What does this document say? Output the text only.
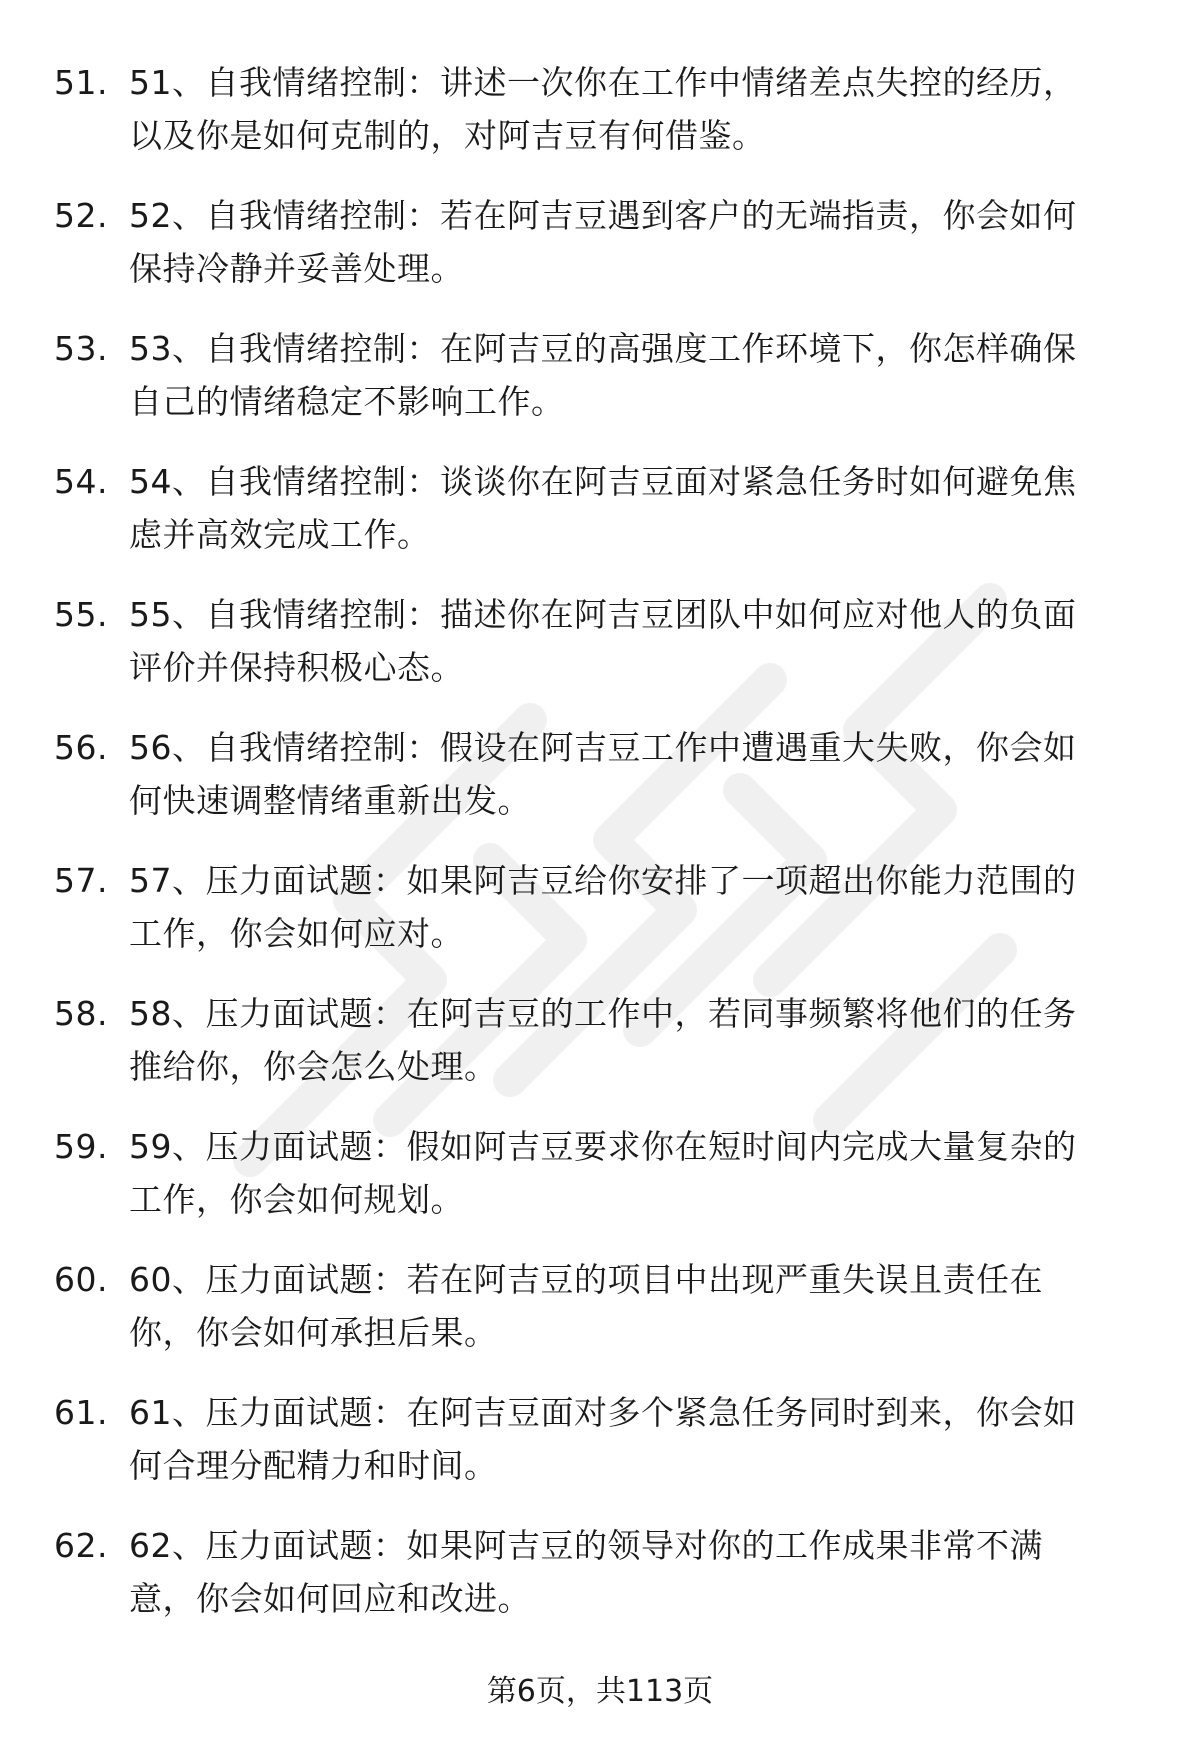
51. 51、自我情绪控制：讲述一次你在工作中情绪差点失控的经历，
以及你是如何克制的，对阿吉豆有何借鉴。
52. 52、自我情绪控制：若在阿吉豆遇到客户的无端指责，你会如何
保持冷静并妥善处理。
53. 53、自我情绪控制：在阿吉豆的高强度工作环境下，你怎样确保
自己的情绪稳定不影响工作。
54. 54、自我情绪控制：谈谈你在阿吉豆面对紧急任务时如何避免焦
虑并高效完成工作。
55. 55、自我情绪控制：描述你在阿吉豆团队中如何应对他人的负面
评价并保持积极心态。
56. 56、自我情绪控制：假设在阿吉豆工作中遭遇重大失败，你会如
何快速调整情绪重新出发。
57. 57、压力面试题：如果阿吉豆给你安排了一项超出你能力范围的
工作，你会如何应对。
58. 58、压力面试题：在阿吉豆的工作中，若同事频繁将他们的任务
推给你，你会怎么处理。
59. 59、压力面试题：假如阿吉豆要求你在短时间内完成大量复杂的
工作，你会如何规划。
60. 60、压力面试题：若在阿吉豆的项目中出现严重失误且责任在
你，你会如何承担后果。
61. 61、压力面试题：在阿吉豆面对多个紧急任务同时到来，你会如
何合理分配精力和时间。
62. 62、压力面试题：如果阿吉豆的领导对你的工作成果非常不满
意，你会如何回应和改进。
第6页，共113页
